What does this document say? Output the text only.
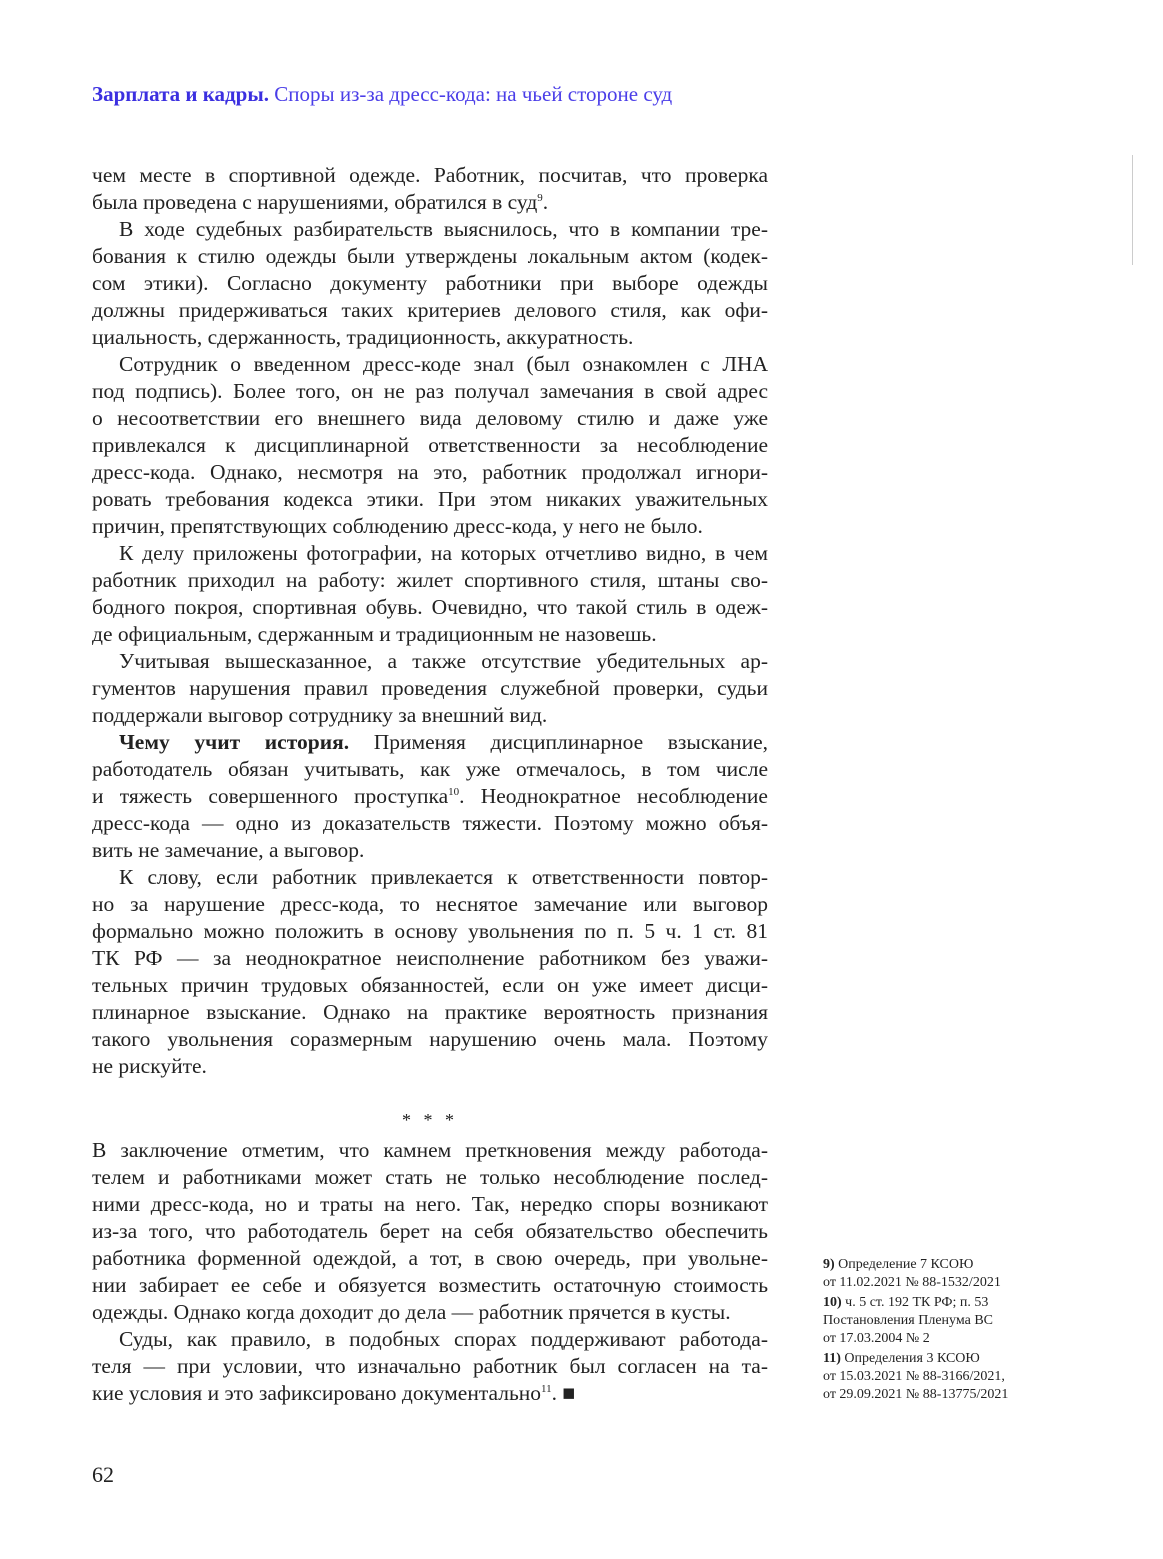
Зарплата и кадры. Споры из-за дресс-кода: на чьей стороне суд
чем месте в спортивной одежде. Работник, посчитав, что проверка
была проведена с нарушениями, обратился в суд$^9$.
В ходе судебных разбирательств выяснилось, что в компании тре-
бования к стилю одежды были утверждены локальным актом (кодек-
сом этики). Согласно документу работники при выборе одежды
должны придерживаться таких критериев делового стиля, как офи-
циальность, сдержанность, традиционность, аккуратность.
Сотрудник о введенном дресс-коде знал (был ознакомлен с ЛНА
под подпись). Более того, он не раз получал замечания в свой адрес
о несоответствии его внешнего вида деловому стилю и даже уже
привлекался к дисциплинарной ответственности за несоблюдение
дресс-кода. Однако, несмотря на это, работник продолжал игнори-
ровать требования кодекса этики. При этом никаких уважительных
причин, препятствующих соблюдению дресс-кода, у него не было.
К делу приложены фотографии, на которых отчетливо видно, в чем
работник приходил на работу: жилет спортивного стиля, штаны сво-
бодного покроя, спортивная обувь. Очевидно, что такой стиль в одеж-
де официальным, сдержанным и традиционным не назовешь.
Учитывая вышесказанное, а также отсутствие убедительных ар-
гументов нарушения правил проведения служебной проверки, судьи
поддержали выговор сотруднику за внешний вид.
Чему учит история. Применяя дисциплинарное взыскание,
работодатель обязан учитывать, как уже отмечалось, в том числе
и тяжесть совершенного проступка$^{10}$. Неоднократное несоблюдение
дресс-кода — одно из доказательств тяжести. Поэтому можно объя-
вить не замечание, а выговор.
К слову, если работник привлекается к ответственности повтор-
но за нарушение дресс-кода, то неснятое замечание или выговор
формально можно положить в основу увольнения по п. 5 ч. 1 ст. 81
ТК РФ — за неоднократное неисполнение работником без уважи-
тельных причин трудовых обязанностей, если он уже имеет дисци-
плинарное взыскание. Однако на практике вероятность признания
такого увольнения соразмерным нарушению очень мала. Поэтому
не рискуйте.
* * *
В заключение отметим, что камнем преткновения между работода-
телем и работниками может стать не только несоблюдение послед-
ними дресс-кода, но и траты на него. Так, нередко споры возникают
из-за того, что работодатель берет на себя обязательство обеспечить
работника форменной одеждой, а тот, в свою очередь, при увольне-
нии забирает ее себе и обязуется возместить остаточную стоимость
одежды. Однако когда доходит до дела — работник прячется в кусты.
Суды, как правило, в подобных спорах поддерживают работода-
теля — при условии, что изначально работник был согласен на та-
кие условия и это зафиксировано документально$^{11}$. ■
9) Определение 7 КСОЮ
от 11.02.2021 № 88-1532/2021
10) ч. 5 ст. 192 ТК РФ; п. 53
Постановления Пленума ВС
от 17.03.2004 № 2
11) Определения 3 КСОЮ
от 15.03.2021 № 88-3166/2021,
от 29.09.2021 № 88-13775/2021
62
